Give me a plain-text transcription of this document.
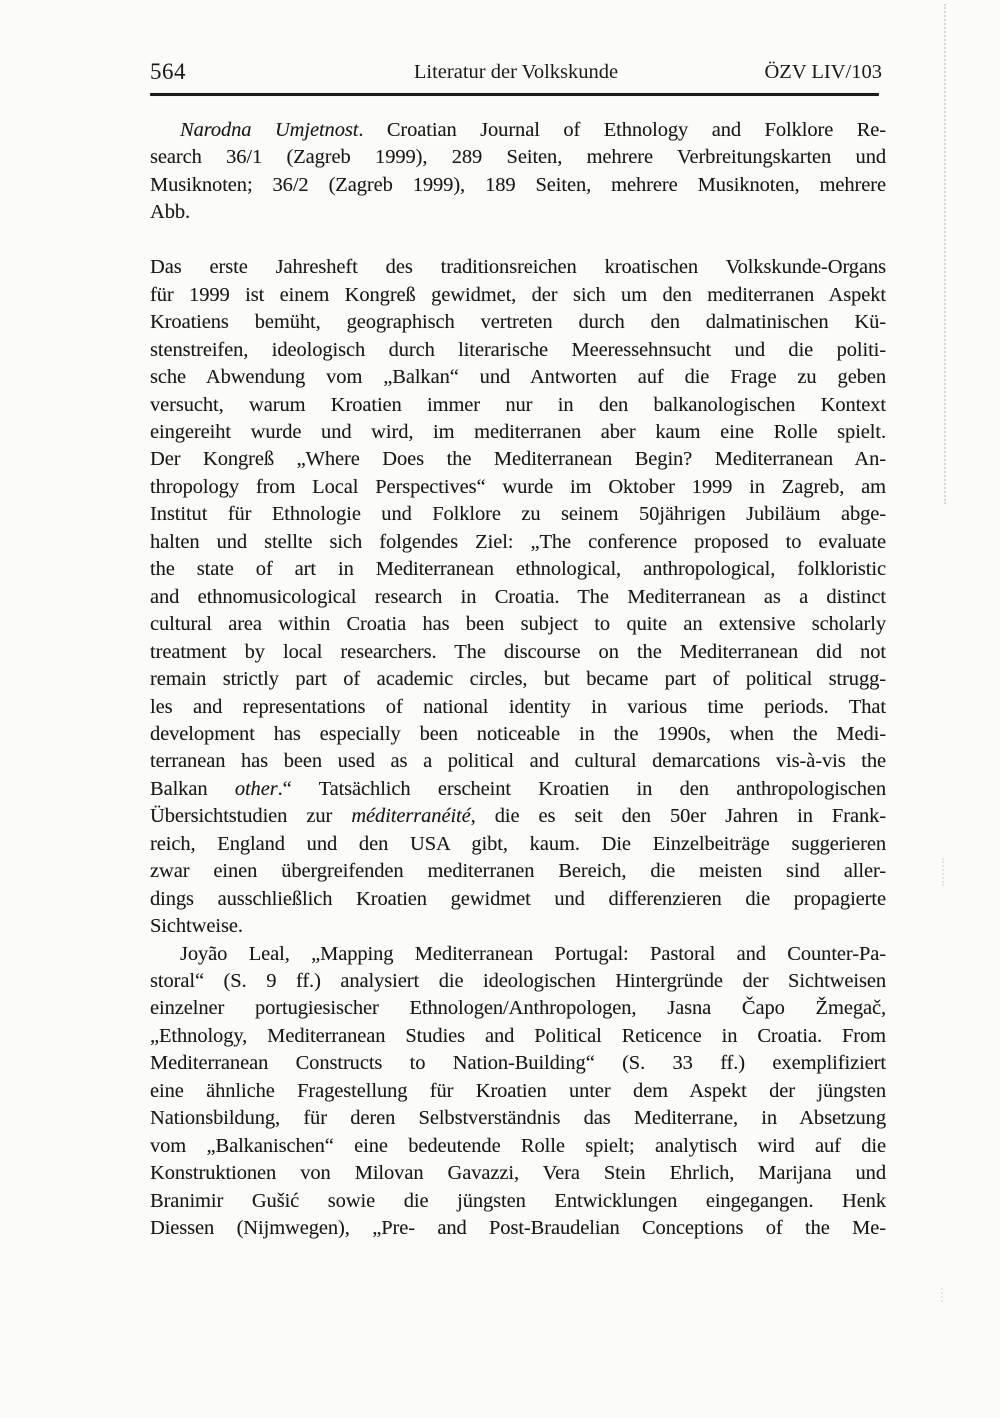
564	Literatur der Volkskunde	ÖZV LIV/103

Narodna Umjetnost. Croatian Journal of Ethnology and Folklore Re-
search 36/1 (Zagreb 1999), 289 Seiten, mehrere Verbreitungskarten und
Musiknoten; 36/2 (Zagreb 1999), 189 Seiten, mehrere Musiknoten, mehrere
Abb.

Das erste Jahresheft des traditionsreichen kroatischen Volkskunde-Organs
für 1999 ist einem Kongreß gewidmet, der sich um den mediterranen Aspekt
Kroatiens bemüht, geographisch vertreten durch den dalmatinischen Kü-
stenstreifen, ideologisch durch literarische Meeressehnsucht und die politi-
sche Abwendung vom „Balkan“ und Antworten auf die Frage zu geben
versucht, warum Kroatien immer nur in den balkanologischen Kontext
eingereiht wurde und wird, im mediterranen aber kaum eine Rolle spielt.
Der Kongreß „Where Does the Mediterranean Begin? Mediterranean An-
thropology from Local Perspectives“ wurde im Oktober 1999 in Zagreb, am
Institut für Ethnologie und Folklore zu seinem 50jährigen Jubiläum abge-
halten und stellte sich folgendes Ziel: „The conference proposed to evaluate
the state of art in Mediterranean ethnological, anthropological, folkloristic
and ethnomusicological research in Croatia. The Mediterranean as a distinct
cultural area within Croatia has been subject to quite an extensive scholarly
treatment by local researchers. The discourse on the Mediterranean did not
remain strictly part of academic circles, but became part of political strugg-
les and representations of national identity in various time periods. That
development has especially been noticeable in the 1990s, when the Medi-
terranean has been used as a political and cultural demarcations vis-à-vis the
Balkan other.“ Tatsächlich erscheint Kroatien in den anthropologischen
Übersichtstudien zur méditerranéité, die es seit den 50er Jahren in Frank-
reich, England und den USA gibt, kaum. Die Einzelbeiträge suggerieren
zwar einen übergreifenden mediterranen Bereich, die meisten sind aller-
dings ausschließlich Kroatien gewidmet und differenzieren die propagierte
Sichtweise.

Joyão Leal, „Mapping Mediterranean Portugal: Pastoral and Counter-Pa-
storal“ (S. 9 ff.) analysiert die ideologischen Hintergründe der Sichtweisen
einzelner portugiesischer Ethnologen/Anthropologen, Jasna Čapo Žmegač,
„Ethnology, Mediterranean Studies and Political Reticence in Croatia. From
Mediterranean Constructs to Nation-Building“ (S. 33 ff.) exemplifiziert
eine ähnliche Fragestellung für Kroatien unter dem Aspekt der jüngsten
Nationsbildung, für deren Selbstverständnis das Mediterrane, in Absetzung
vom „Balkanischen“ eine bedeutende Rolle spielt; analytisch wird auf die
Konstruktionen von Milovan Gavazzi, Vera Stein Ehrlich, Marijana und
Branimir Gušić sowie die jüngsten Entwicklungen eingegangen. Henk
Diessen (Nijmwegen), „Pre- and Post-Braudelian Conceptions of the Me-
